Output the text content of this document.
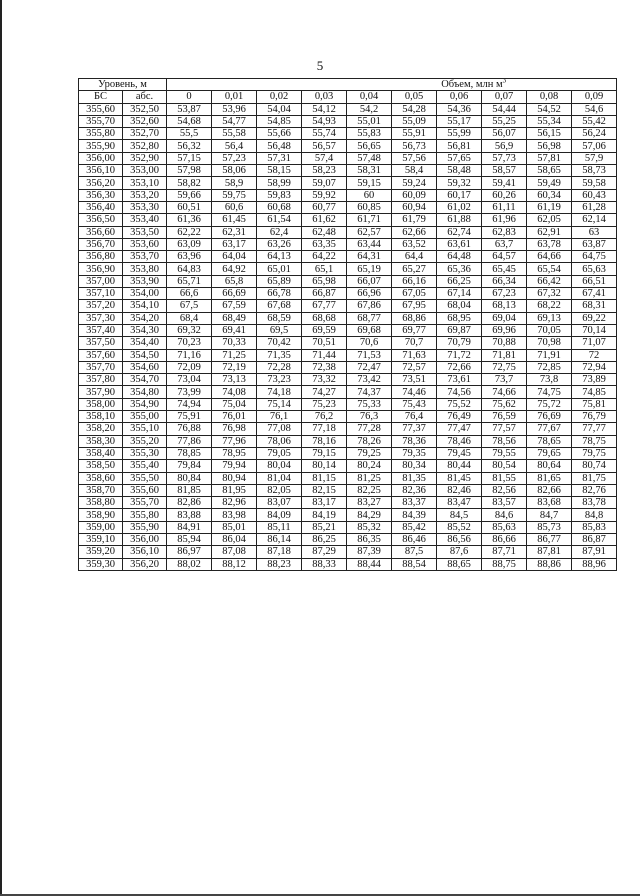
5
Уровень, м		Объем, млн $м^3$
БС	абс.	0	0,01	0,02	0,03	0,04	0,05	0,06	0,07	0,08	0,09
355,60	352,50	53,87	53,96	54,04	54,12	54,2	54,28	54,36	54,44	54,52	54,6
355,70	352,60	54,68	54,77	54,85	54,93	55,01	55,09	55,17	55,25	55,34	55,42
355,80	352,70	55,5	55,58	55,66	55,74	55,83	55,91	55,99	56,07	56,15	56,24
355,90	352,80	56,32	56,4	56,48	56,57	56,65	56,73	56,81	56,9	56,98	57,06
356,00	352,90	57,15	57,23	57,31	57,4	57,48	57,56	57,65	57,73	57,81	57,9
356,10	353,00	57,98	58,06	58,15	58,23	58,31	58,4	58,48	58,57	58,65	58,73
356,20	353,10	58,82	58,9	58,99	59,07	59,15	59,24	59,32	59,41	59,49	59,58
356,30	353,20	59,66	59,75	59,83	59,92	60	60,09	60,17	60,26	60,34	60,43
356,40	353,30	60,51	60,6	60,68	60,77	60,85	60,94	61,02	61,11	61,19	61,28
356,50	353,40	61,36	61,45	61,54	61,62	61,71	61,79	61,88	61,96	62,05	62,14
356,60	353,50	62,22	62,31	62,4	62,48	62,57	62,66	62,74	62,83	62,91	63
356,70	353,60	63,09	63,17	63,26	63,35	63,44	63,52	63,61	63,7	63,78	63,87
356,80	353,70	63,96	64,04	64,13	64,22	64,31	64,4	64,48	64,57	64,66	64,75
356,90	353,80	64,83	64,92	65,01	65,1	65,19	65,27	65,36	65,45	65,54	65,63
357,00	353,90	65,71	65,8	65,89	65,98	66,07	66,16	66,25	66,34	66,42	66,51
357,10	354,00	66,6	66,69	66,78	66,87	66,96	67,05	67,14	67,23	67,32	67,41
357,20	354,10	67,5	67,59	67,68	67,77	67,86	67,95	68,04	68,13	68,22	68,31
357,30	354,20	68,4	68,49	68,59	68,68	68,77	68,86	68,95	69,04	69,13	69,22
357,40	354,30	69,32	69,41	69,5	69,59	69,68	69,77	69,87	69,96	70,05	70,14
357,50	354,40	70,23	70,33	70,42	70,51	70,6	70,7	70,79	70,88	70,98	71,07
357,60	354,50	71,16	71,25	71,35	71,44	71,53	71,63	71,72	71,81	71,91	72
357,70	354,60	72,09	72,19	72,28	72,38	72,47	72,57	72,66	72,75	72,85	72,94
357,80	354,70	73,04	73,13	73,23	73,32	73,42	73,51	73,61	73,7	73,8	73,89
357,90	354,80	73,99	74,08	74,18	74,27	74,37	74,46	74,56	74,66	74,75	74,85
358,00	354,90	74,94	75,04	75,14	75,23	75,33	75,43	75,52	75,62	75,72	75,81
358,10	355,00	75,91	76,01	76,1	76,2	76,3	76,4	76,49	76,59	76,69	76,79
358,20	355,10	76,88	76,98	77,08	77,18	77,28	77,37	77,47	77,57	77,67	77,77
358,30	355,20	77,86	77,96	78,06	78,16	78,26	78,36	78,46	78,56	78,65	78,75
358,40	355,30	78,85	78,95	79,05	79,15	79,25	79,35	79,45	79,55	79,65	79,75
358,50	355,40	79,84	79,94	80,04	80,14	80,24	80,34	80,44	80,54	80,64	80,74
358,60	355,50	80,84	80,94	81,04	81,15	81,25	81,35	81,45	81,55	81,65	81,75
358,70	355,60	81,85	81,95	82,05	82,15	82,25	82,36	82,46	82,56	82,66	82,76
358,80	355,70	82,86	82,96	83,07	83,17	83,27	83,37	83,47	83,57	83,68	83,78
358,90	355,80	83,88	83,98	84,09	84,19	84,29	84,39	84,5	84,6	84,7	84,8
359,00	355,90	84,91	85,01	85,11	85,21	85,32	85,42	85,52	85,63	85,73	85,83
359,10	356,00	85,94	86,04	86,14	86,25	86,35	86,46	86,56	86,66	86,77	86,87
359,20	356,10	86,97	87,08	87,18	87,29	87,39	87,5	87,6	87,71	87,81	87,91
359,30	356,20	88,02	88,12	88,23	88,33	88,44	88,54	88,65	88,75	88,86	88,96
